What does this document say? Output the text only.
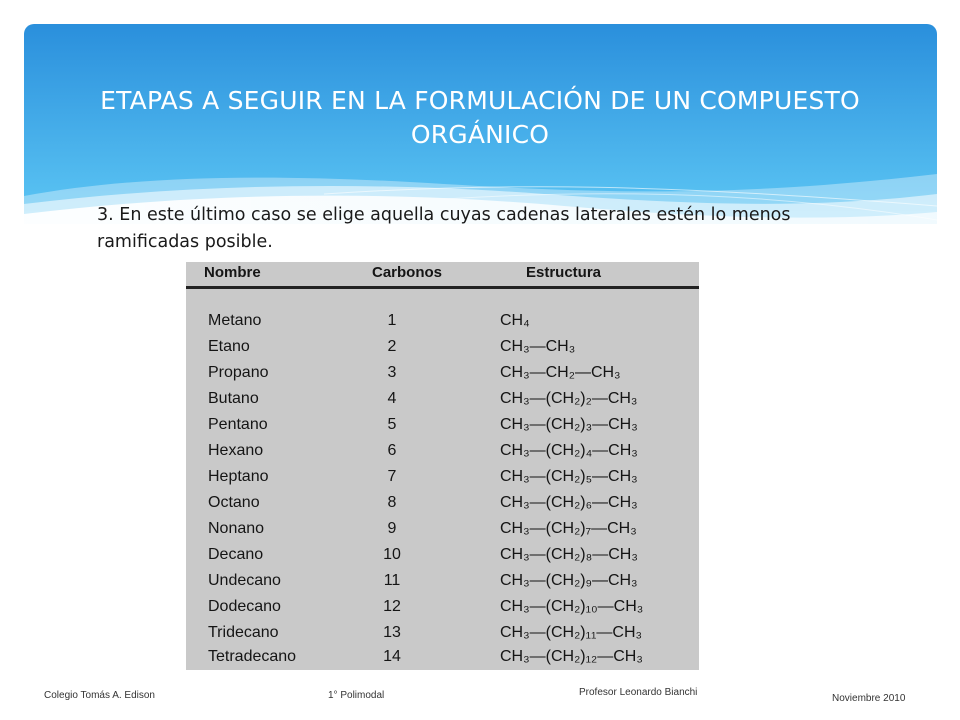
ETAPAS A SEGUIR EN LA FORMULACIÓN DE UN COMPUESTO ORGÁNICO
3. En este último caso se elige aquella cuyas cadenas laterales estén lo menos ramificadas posible.
Nombre	Carbonos	Estructura
Metano	1	CH₄
Etano	2	CH₃—CH₃
Propano	3	CH₃—CH₂—CH₃
Butano	4	CH₃—(CH₂)₂—CH₃
Pentano	5	CH₃—(CH₂)₃—CH₃
Hexano	6	CH₃—(CH₂)₄—CH₃
Heptano	7	CH₃—(CH₂)₅—CH₃
Octano	8	CH₃—(CH₂)₆—CH₃
Nonano	9	CH₃—(CH₂)₇—CH₃
Decano	10	CH₃—(CH₂)₈—CH₃
Undecano	11	CH₃—(CH₂)₉—CH₃
Dodecano	12	CH₃—(CH₂)₁₀—CH₃
Tridecano	13	CH₃—(CH₂)₁₁—CH₃
Tetradecano	14	CH₃—(CH₂)₁₂—CH₃
Colegio Tomás A. Edison	1° Polimodal	Profesor Leonardo Bianchi
Noviembre 2010
